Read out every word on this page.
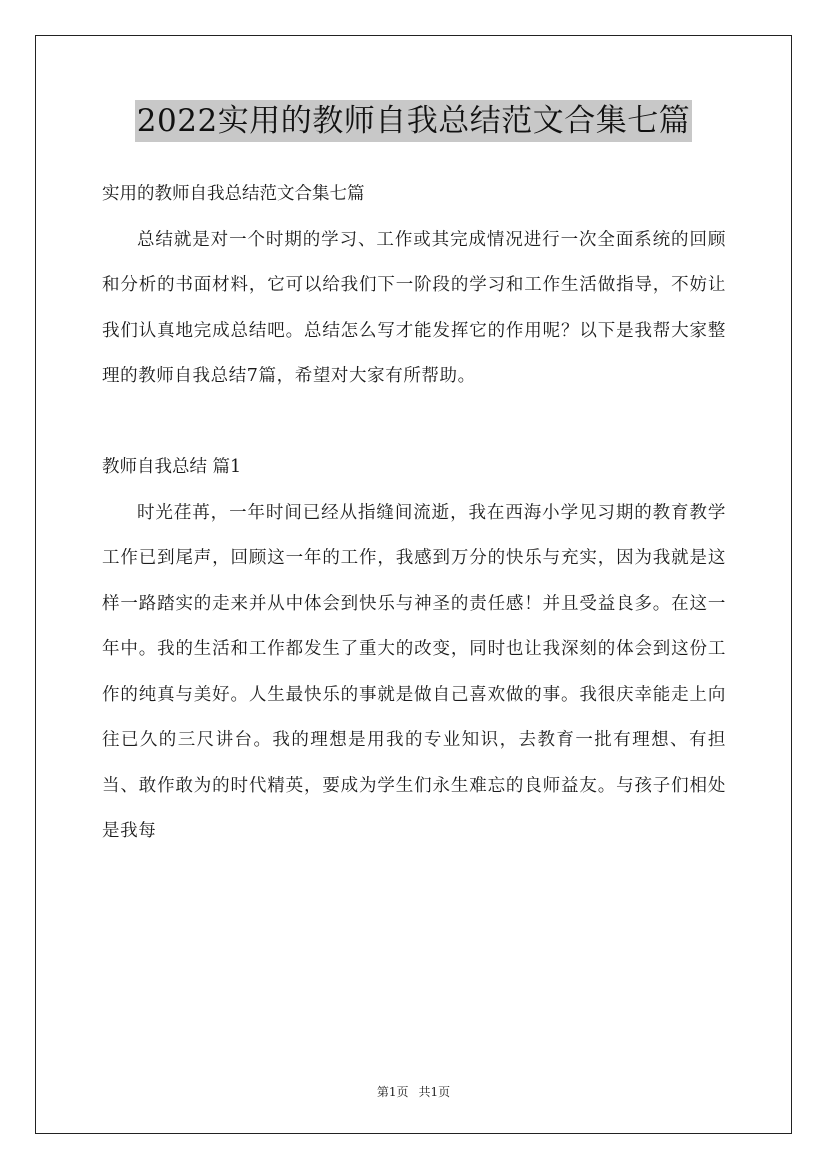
2022实用的教师自我总结范文合集七篇

实用的教师自我总结范文合集七篇

总结就是对一个时期的学习、工作或其完成情况进行一次全面系统的回顾和分析的书面材料，它可以给我们下一阶段的学习和工作生活做指导，不妨让我们认真地完成总结吧。总结怎么写才能发挥它的作用呢？以下是我帮大家整理的教师自我总结7篇，希望对大家有所帮助。

教师自我总结 篇1

时光荏苒，一年时间已经从指缝间流逝，我在西海小学见习期的教育教学工作已到尾声，回顾这一年的工作，我感到万分的快乐与充实，因为我就是这样一路踏实的走来并从中体会到快乐与神圣的责任感！并且受益良多。在这一年中。我的生活和工作都发生了重大的改变，同时也让我深刻的体会到这份工作的纯真与美好。人生最快乐的事就是做自己喜欢做的事。我很庆幸能走上向往已久的三尺讲台。我的理想是用我的专业知识，去教育一批有理想、有担当、敢作敢为的时代精英，要成为学生们永生难忘的良师益友。与孩子们相处是我每

第1页 共1页
